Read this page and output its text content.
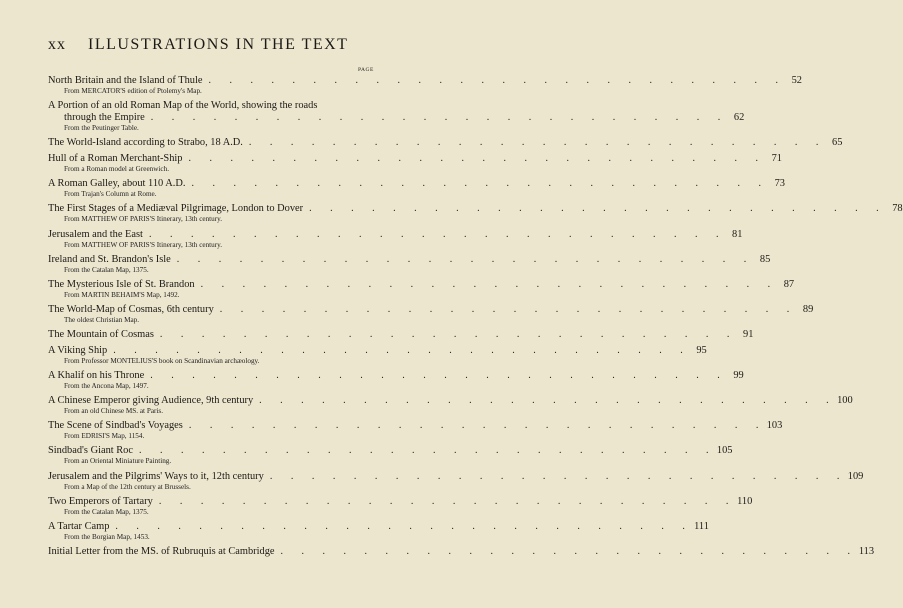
xx ILLUSTRATIONS IN THE TEXT
PAGE
North Britain and the Island of Thule . . . . . . . . . . . . . . . . . . . . . . . . . . . . 52
From MERCATOR'S edition of Ptolemy's Map.
A Portion of an old Roman Map of the World, showing the roads
through the Empire . . . . . . . . . . . . . . . . . . . . . . . . . . . . 62
From the Peutinger Table.
The World-Island according to Strabo, 18 A.D. . . . . . . . . . . . . . . . . . . . . . . . . . . . . 65
Hull of a Roman Merchant-Ship . . . . . . . . . . . . . . . . . . . . . . . . . . . . 71
From a Roman model at Greenwich.
A Roman Galley, about 110 A.D. . . . . . . . . . . . . . . . . . . . . . . . . . . . . 73
From Trajan's Column at Rome.
The First Stages of a Mediæval Pilgrimage, London to Dover . . . . . . . . . . . . . . . . . . . . . . . . . . . . 78
From MATTHEW OF PARIS'S Itinerary, 13th century.
Jerusalem and the East . . . . . . . . . . . . . . . . . . . . . . . . . . . . 81
From MATTHEW OF PARIS'S Itinerary, 13th century.
Ireland and St. Brandon's Isle . . . . . . . . . . . . . . . . . . . . . . . . . . . . 85
From the Catalan Map, 1375.
The Mysterious Isle of St. Brandon . . . . . . . . . . . . . . . . . . . . . . . . . . . . 87
From MARTIN BEHAIM'S Map, 1492.
The World-Map of Cosmas, 6th century . . . . . . . . . . . . . . . . . . . . . . . . . . . . 89
The oldest Christian Map.
The Mountain of Cosmas . . . . . . . . . . . . . . . . . . . . . . . . . . . . 91
A Viking Ship . . . . . . . . . . . . . . . . . . . . . . . . . . . . 95
From Professor MONTELIUS'S book on Scandinavian archæology.
A Khalif on his Throne . . . . . . . . . . . . . . . . . . . . . . . . . . . . 99
From the Ancona Map, 1497.
A Chinese Emperor giving Audience, 9th century . . . . . . . . . . . . . . . . . . . . . . . . . . . . 100
From an old Chinese MS. at Paris.
The Scene of Sindbad's Voyages . . . . . . . . . . . . . . . . . . . . . . . . . . . . 103
From EDRISI'S Map, 1154.
Sindbad's Giant Roc . . . . . . . . . . . . . . . . . . . . . . . . . . . . 105
From an Oriental Miniature Painting.
Jerusalem and the Pilgrims' Ways to it, 12th century . . . . . . . . . . . . . . . . . . . . . . . . . . . . 109
From a Map of the 12th century at Brussels.
Two Emperors of Tartary . . . . . . . . . . . . . . . . . . . . . . . . . . . . 110
From the Catalan Map, 1375.
A Tartar Camp . . . . . . . . . . . . . . . . . . . . . . . . . . . . 111
From the Borgian Map, 1453.
Initial Letter from the MS. of Rubruquis at Cambridge . . . . . . . . . . . . . . . . . . . . . . . . . . . . 113
